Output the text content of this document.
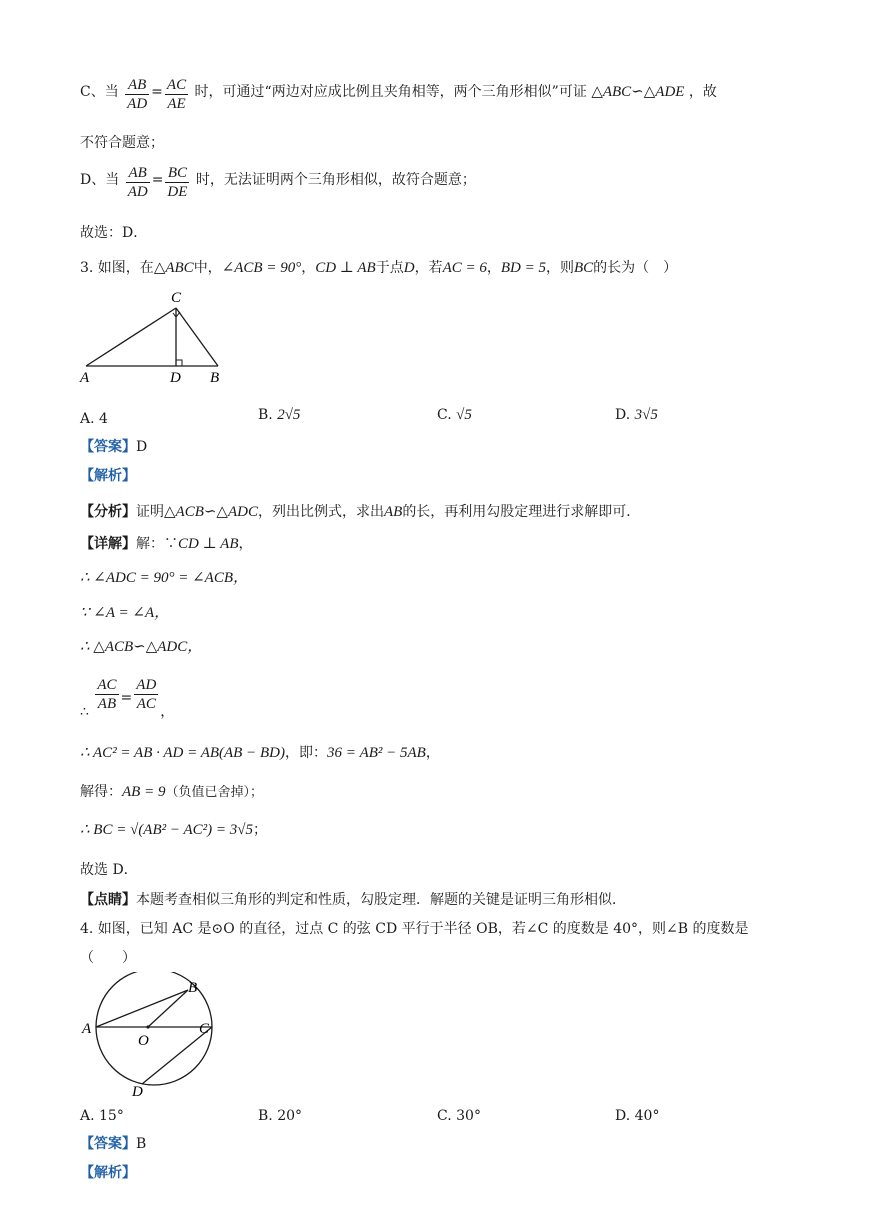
C、当 $\frac{AB}{AD} = \frac{AC}{AE}$ 时，可通过“两边对应成比例且夹角相等，两个三角形相似”可证 △ABC∽△ADE ，故
不符合题意；
D、当 $\frac{AB}{AD} = \frac{BC}{DE}$ 时，无法证明两个三角形相似，故符合题意；
故选：D．
3. 如图，在△ABC中，∠ACB = 90°，CD ⊥ AB于点D，若AC = 6，BD = 5，则BC的长为（　）
A	D B
C
A. 4	B. 2√5	C. √5	D. 3√5
【答案】D
【解析】
【分析】证明△ACB∽△ADC，列出比例式，求出AB的长，再利用勾股定理进行求解即可．
【详解】解：∵CD ⊥ AB，
∴ ∠ADC = 90° = ∠ACB，
∵ ∠A = ∠A，
∴ △ACB∽△ADC，
∴ $\frac{AC}{AB} = \frac{AD}{AC}$ ，
∴ AC² = AB · AD = AB(AB − BD)，即：36 = AB² − 5AB，
解得：AB = 9（负值已舍掉）；
∴ BC = √(AB² − AC²) = 3√5；
故选 D．
【点睛】本题考查相似三角形的判定和性质，勾股定理．解题的关键是证明三角形相似．
4. 如图，已知 AC 是⊙O 的直径，过点 C 的弦 CD 平行于半径 OB，若∠C 的度数是 40°，则∠B 的度数是
（　　）
A
B
C
D
O
A. 15°	B. 20°	C. 30°	D. 40°
【答案】B
【解析】
